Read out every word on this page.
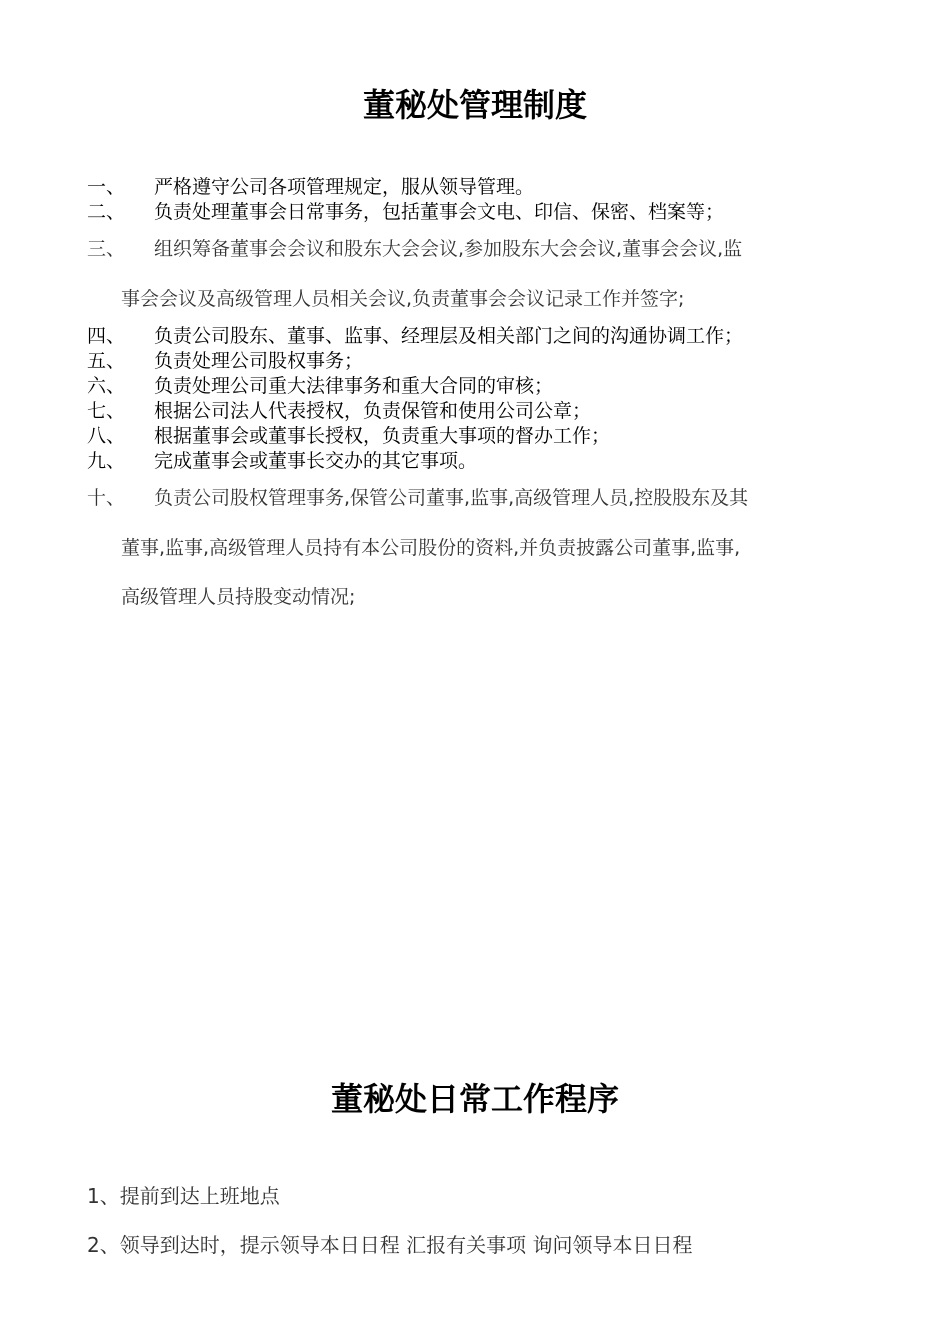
董秘处管理制度
一、 严格遵守公司各项管理规定，服从领导管理。
二、 负责处理董事会日常事务，包括董事会文电、印信、保密、档案等；
三、 组织筹备董事会会议和股东大会会议,参加股东大会会议,董事会会议,监
事会会议及高级管理人员相关会议,负责董事会会议记录工作并签字;
四、 负责公司股东、董事、监事、经理层及相关部门之间的沟通协调工作；
五、 负责处理公司股权事务；
六、 负责处理公司重大法律事务和重大合同的审核；
七、 根据公司法人代表授权，负责保管和使用公司公章；
八、 根据董事会或董事长授权，负责重大事项的督办工作；
九、 完成董事会或董事长交办的其它事项。
十、 负责公司股权管理事务,保管公司董事,监事,高级管理人员,控股股东及其
董事,监事,高级管理人员持有本公司股份的资料,并负责披露公司董事,监事,
高级管理人员持股变动情况;
董秘处日常工作程序
1、提前到达上班地点
2、领导到达时，提示领导本日日程 汇报有关事项 询问领导本日日程
